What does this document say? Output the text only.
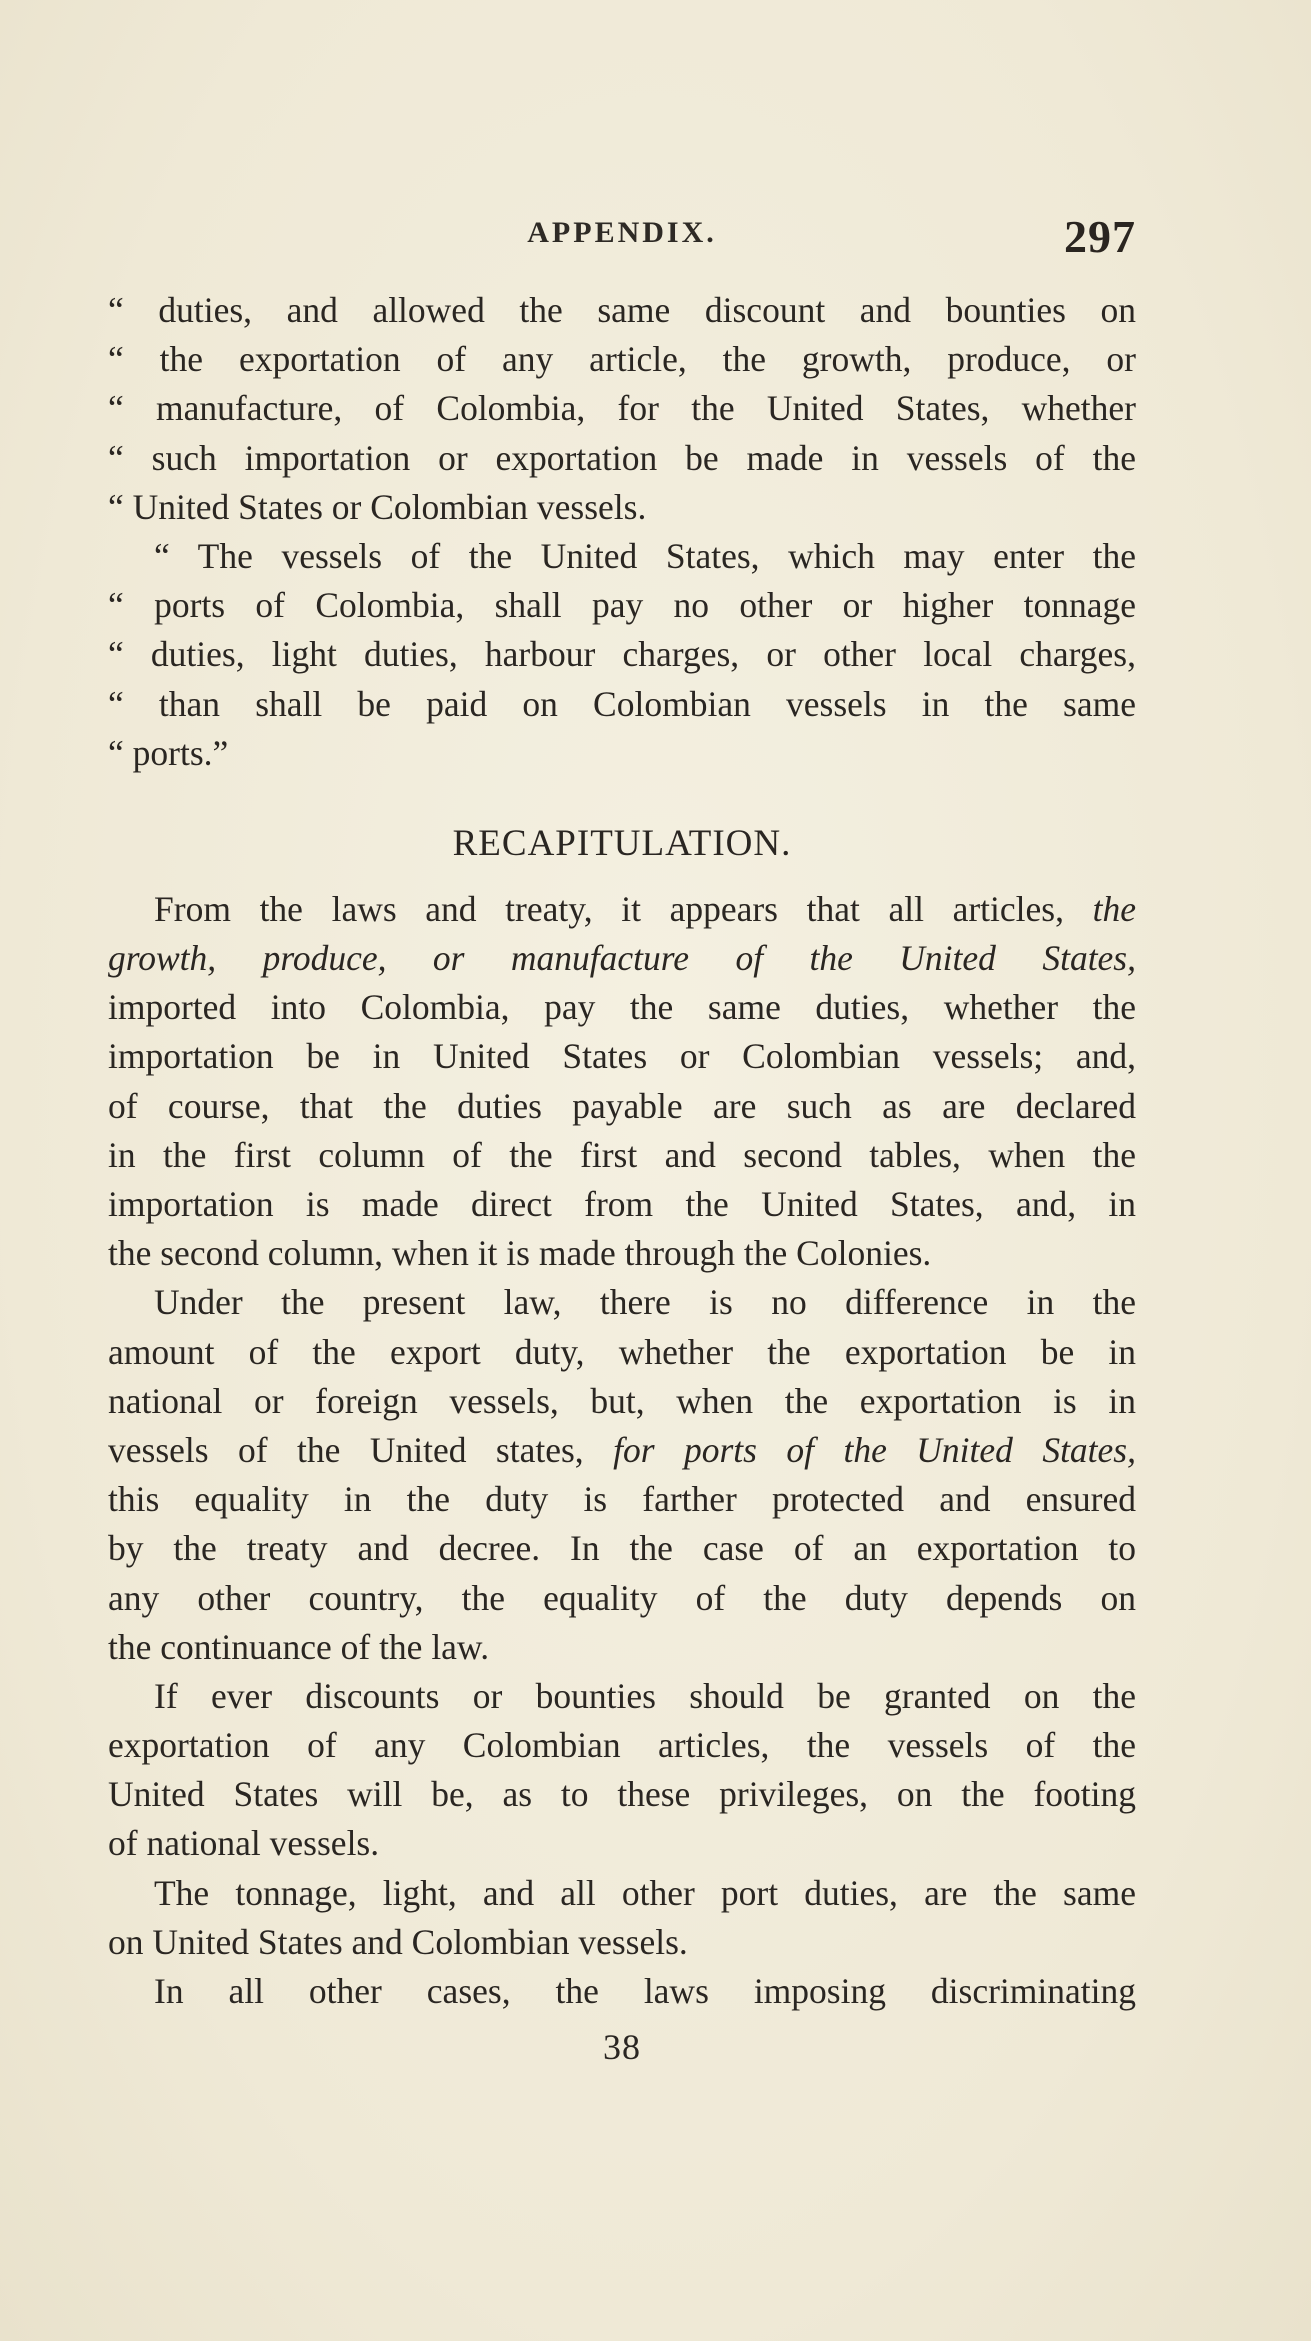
APPENDIX.	297
“ duties, and allowed the same discount and bounties on
“ the exportation of any article, the growth, produce, or
“ manufacture, of Colombia, for the United States, whether
“ such importation or exportation be made in vessels of the
“ United States or Colombian vessels.
“ The vessels of the United States, which may enter the
“ ports of Colombia, shall pay no other or higher tonnage
“ duties, light duties, harbour charges, or other local charges,
“ than shall be paid on Colombian vessels in the same
“ ports.”
RECAPITULATION.
From the laws and treaty, it appears that all articles, the
growth, produce, or manufacture of the United States,
imported into Colombia, pay the same duties, whether the
importation be in United States or Colombian vessels; and,
of course, that the duties payable are such as are declared
in the first column of the first and second tables, when the
importation is made direct from the United States, and, in
the second column, when it is made through the Colonies.
Under the present law, there is no difference in the
amount of the export duty, whether the exportation be in
national or foreign vessels, but, when the exportation is in
vessels of the United states, for ports of the United States,
this equality in the duty is farther protected and ensured
by the treaty and decree. In the case of an exportation to
any other country, the equality of the duty depends on
the continuance of the law.
If ever discounts or bounties should be granted on the
exportation of any Colombian articles, the vessels of the
United States will be, as to these privileges, on the footing
of national vessels.
The tonnage, light, and all other port duties, are the same
on United States and Colombian vessels.
In all other cases, the laws imposing discriminating
38
